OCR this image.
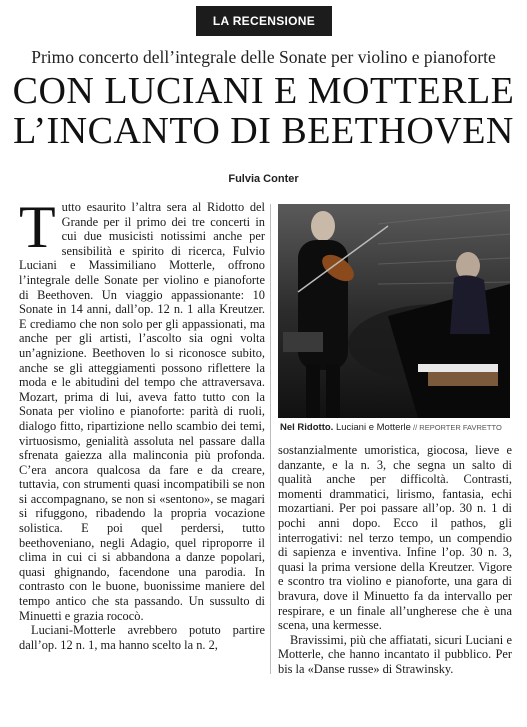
LA RECENSIONE
Primo concerto dell’integrale delle Sonate per violino e pianoforte
CON LUCIANI E MOTTERLE
L’INCANTO DI BEETHOVEN
Fulvia Conter

Tutto esaurito l’altra sera al Ridotto del Grande per il primo dei tre concerti in cui due musicisti notissimi anche per sensibilità e spirito di ricerca, Fulvio Luciani e Massimiliano Motterle, offrono l’integrale delle Sonate per violino e pianoforte di Beethoven. Un viaggio appassionante: 10 Sonate in 14 anni, dall’op. 12 n. 1 alla Kreutzer. E crediamo che non solo per gli appassionati, ma anche per gli artisti, l’ascolto sia ogni volta un’agnizione. Beethoven lo si riconosce subito, anche se gli atteggiamenti possono riflettere la moda e le abitudini del tempo che attraversava. Mozart, prima di lui, aveva fatto tutto con la Sonata per violino e pianoforte: parità di ruoli, dialogo fitto, ripartizione nello scambio dei temi, virtuosismo, genialità assoluta nel passare dalla sfrenata gaiezza alla malinconia più profonda. C’era ancora qualcosa da fare e da creare, tuttavia, con strumenti quasi incompatibili se non si accompagnano, se non si «sentono», se magari si rifuggono, ribadendo la propria vocazione solistica. E poi quel perdersi, tutto beethoveniano, negli Adagio, quel riproporre il clima in cui ci si abbandona a danze popolari, quasi ghignando, facendone una parodia. In contrasto con le buone, buonissime maniere del tempo antico che sta passando. Un sussulto di Minuetti e grazia rococò.

Luciani-Motterle avrebbero potuto partire dall’op. 12 n. 1, ma hanno scelto la n. 2,

Nel Ridotto. Luciani e Motterle // REPORTER FAVRETTO

sostanzialmente umoristica, giocosa, lieve e danzante, e la n. 3, che segna un salto di qualità anche per difficoltà. Contrasti, momenti drammatici, lirismo, fantasia, echi mozartiani. Per poi passare all’op. 30 n. 1 di pochi anni dopo. Ecco il pathos, gli interrogativi: nel terzo tempo, un compendio di sapienza e inventiva. Infine l’op. 30 n. 3, quasi la prima versione della Kreutzer. Vigore e scontro tra violino e pianoforte, una gara di bravura, dove il Minuetto fa da intervallo per respirare, e un finale all’ungherese che è una scena, una kermesse.

Bravissimi, più che affiatati, sicuri Luciani e Motterle, che hanno incantato il pubblico. Per bis la «Danse russe» di Strawinsky.
